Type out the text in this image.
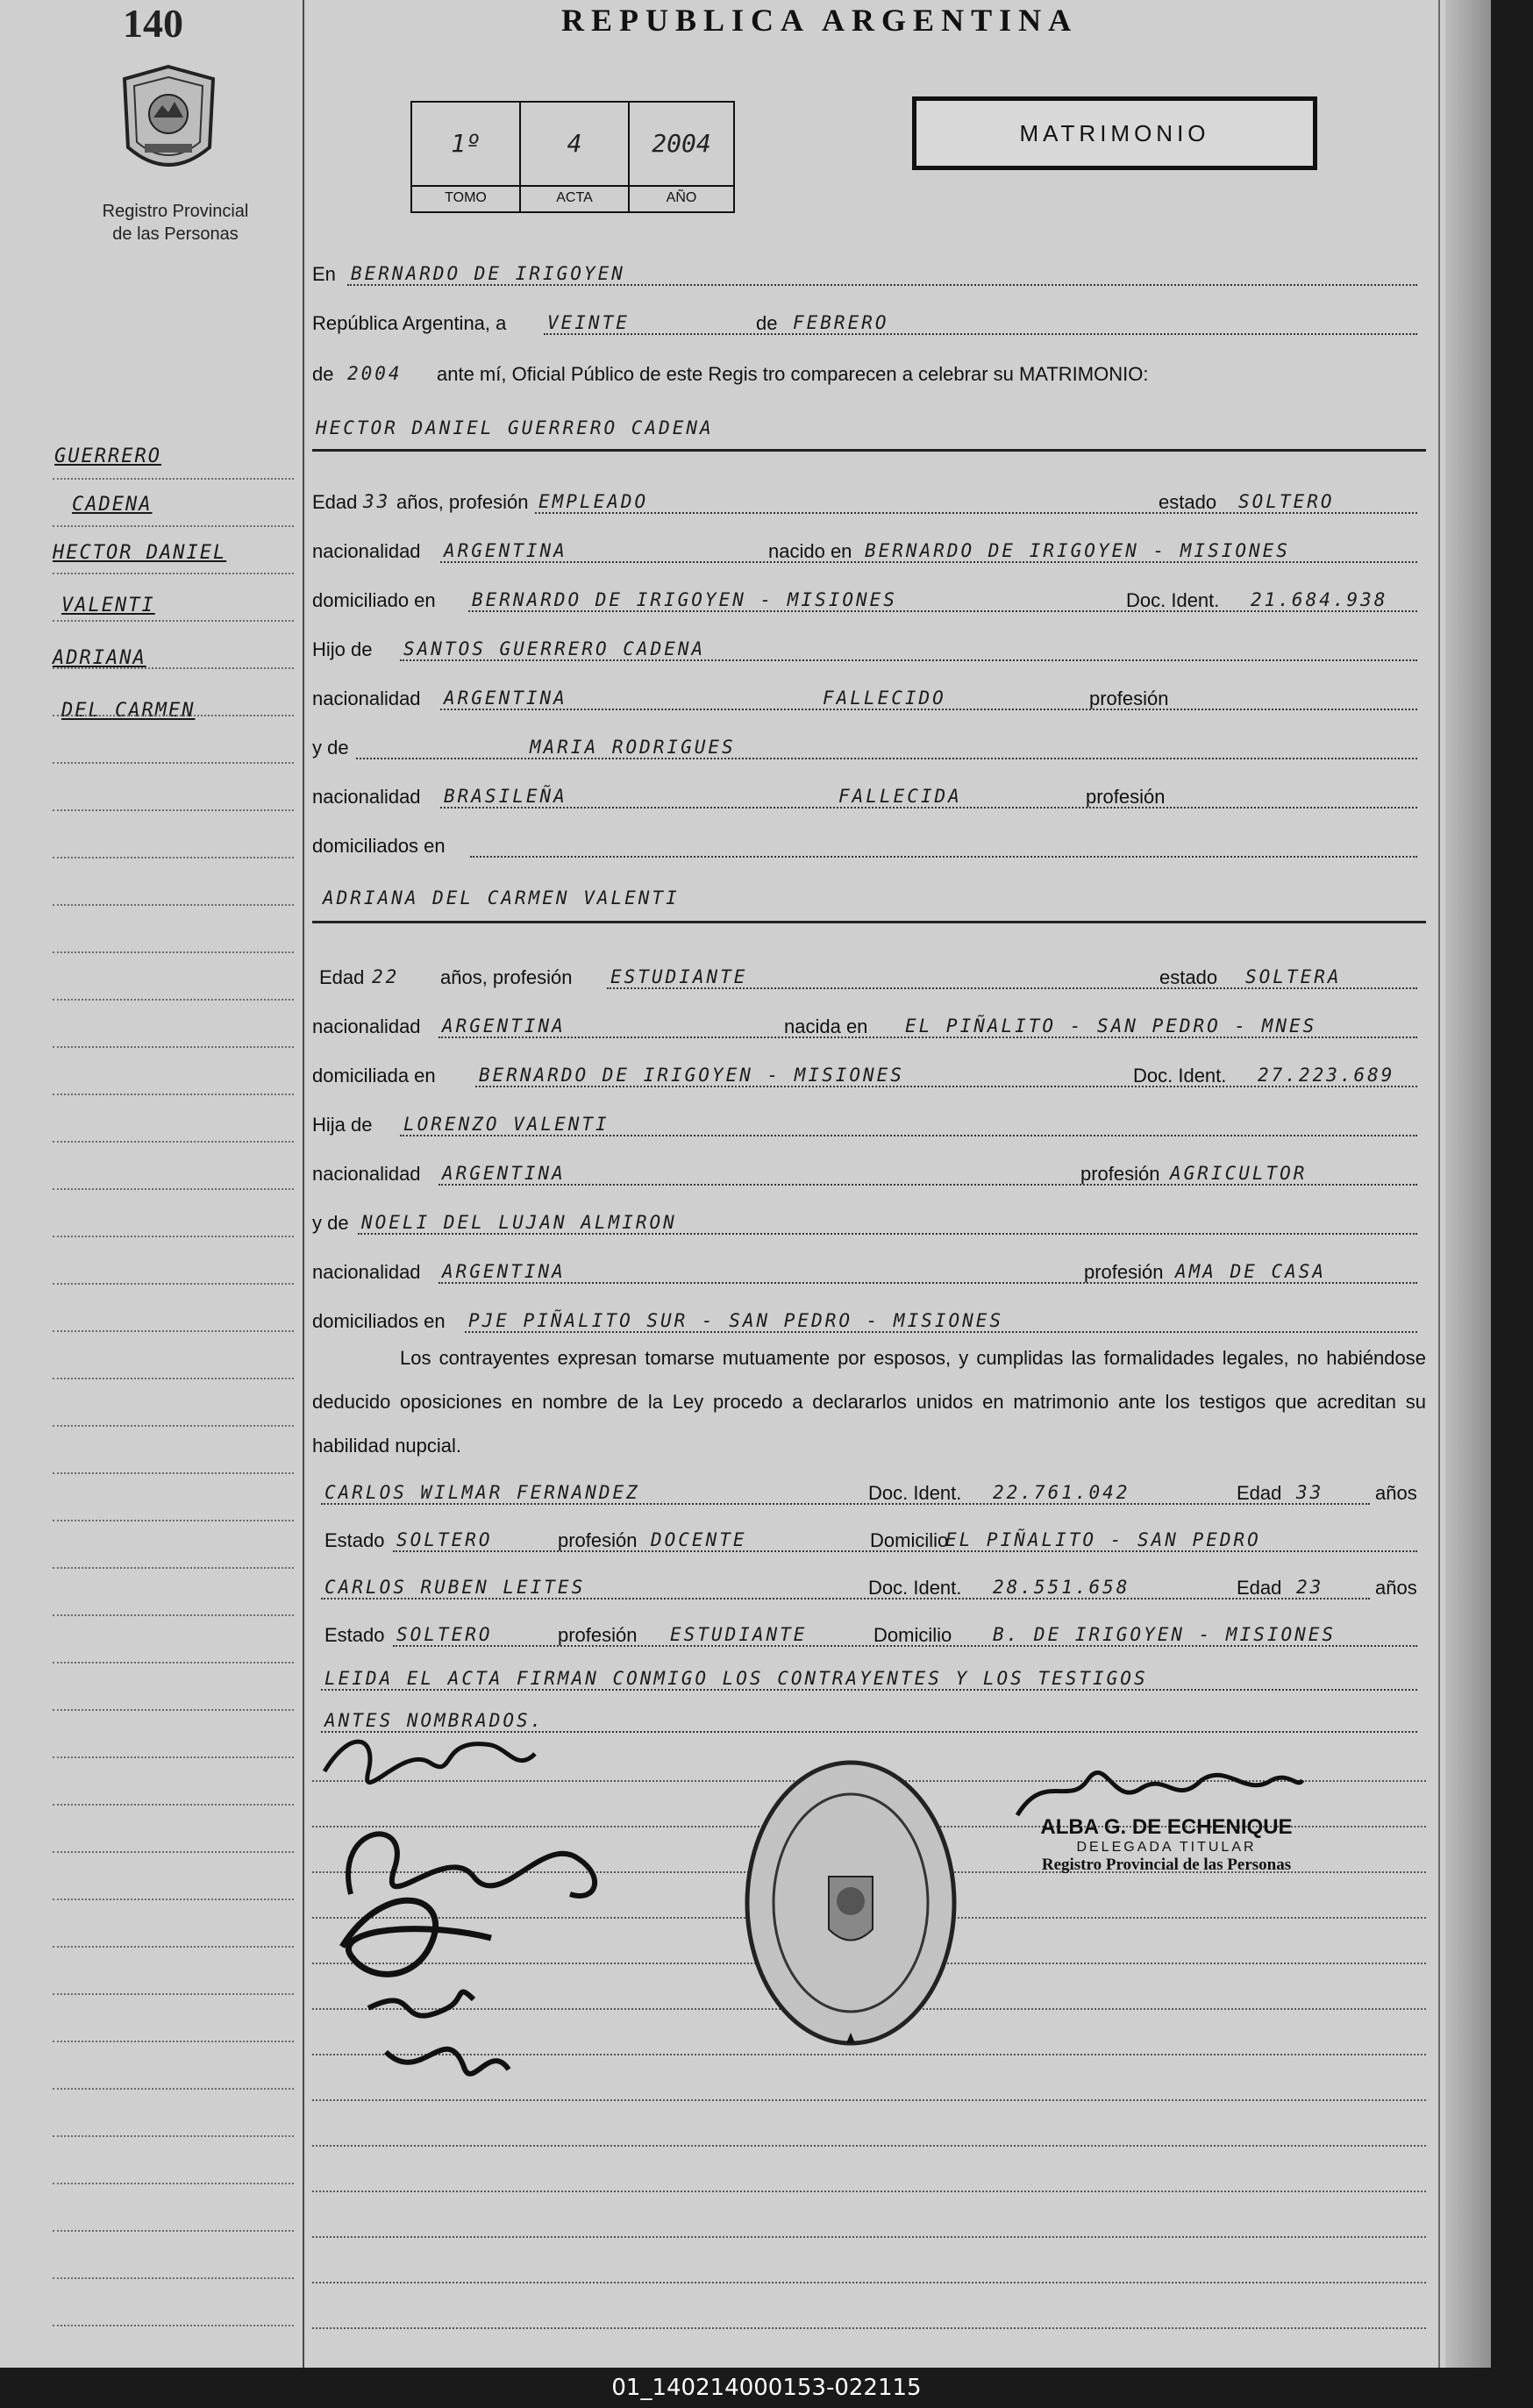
140
Registro Provincial
de las Personas
REPUBLICA ARGENTINA
MATRIMONIO
1º
TOMO
4
ACTA
2004
AÑO
GUERRERO
CADENA
HECTOR DANIEL
VALENTI
ADRIANA
DEL CARMEN
En BERNARDO DE IRIGOYEN
República Argentina, a VEINTE	de FEBRERO
de 2004 ante mí, Oficial Público de este Regis tro comparecen a celebrar su MATRIMONIO:
HECTOR DANIEL GUERRERO CADENA
Edad 33 años, profesión EMPLEADO	estado SOLTERO
nacionalidad ARGENTINA	nacido en BERNARDO DE IRIGOYEN - MISIONES
domiciliado en BERNARDO DE IRIGOYEN - MISIONES	Doc. Ident. 21.684.938
Hijo de SANTOS GUERRERO CADENA
nacionalidad ARGENTINA	FALLECIDO	profesión
y de	MARIA RODRIGUES
nacionalidad BRASILEÑA	FALLECIDA	profesión
domiciliados en
ADRIANA DEL CARMEN VALENTI
Edad 22 años, profesión ESTUDIANTE	estado SOLTERA
nacionalidad ARGENTINA	nacida en EL PIÑALITO - SAN PEDRO - MNES
domiciliada en BERNARDO DE IRIGOYEN - MISIONES	Doc. Ident. 27.223.689
Hija de LORENZO VALENTI
nacionalidad ARGENTINA	profesión AGRICULTOR
y de NOELI DEL LUJAN ALMIRON
nacionalidad ARGENTINA	profesión AMA DE CASA
domiciliados en PJE PIÑALITO SUR - SAN PEDRO - MISIONES
Los contrayentes expresan tomarse mutuamente por esposos, y cumplidas las formalidades legales, no habiéndose deducido oposiciones en nombre de la Ley procedo a declararlos unidos en matrimonio ante los testigos que acreditan su habilidad nupcial.
CARLOS WILMAR FERNANDEZ	Doc. Ident. 22.761.042	Edad 33	años
Estado SOLTERO	profesión DOCENTE	Domicilio
EL PIÑALITO - SAN PEDRO
CARLOS RUBEN LEITES	Doc. Ident. 28.551.658	Edad 23	años
Estado SOLTERO	profesión ESTUDIANTE	Domicilio B. DE IRIGOYEN - MISIONES
LEIDA EL ACTA FIRMAN CONMIGO LOS CONTRAYENTES Y LOS TESTIGOS
ANTES NOMBRADOS.
ALBA G. DE ECHENIQUE
DELEGADA TITULAR
Registro Provincial de las Personas
01_140214000153-022115
